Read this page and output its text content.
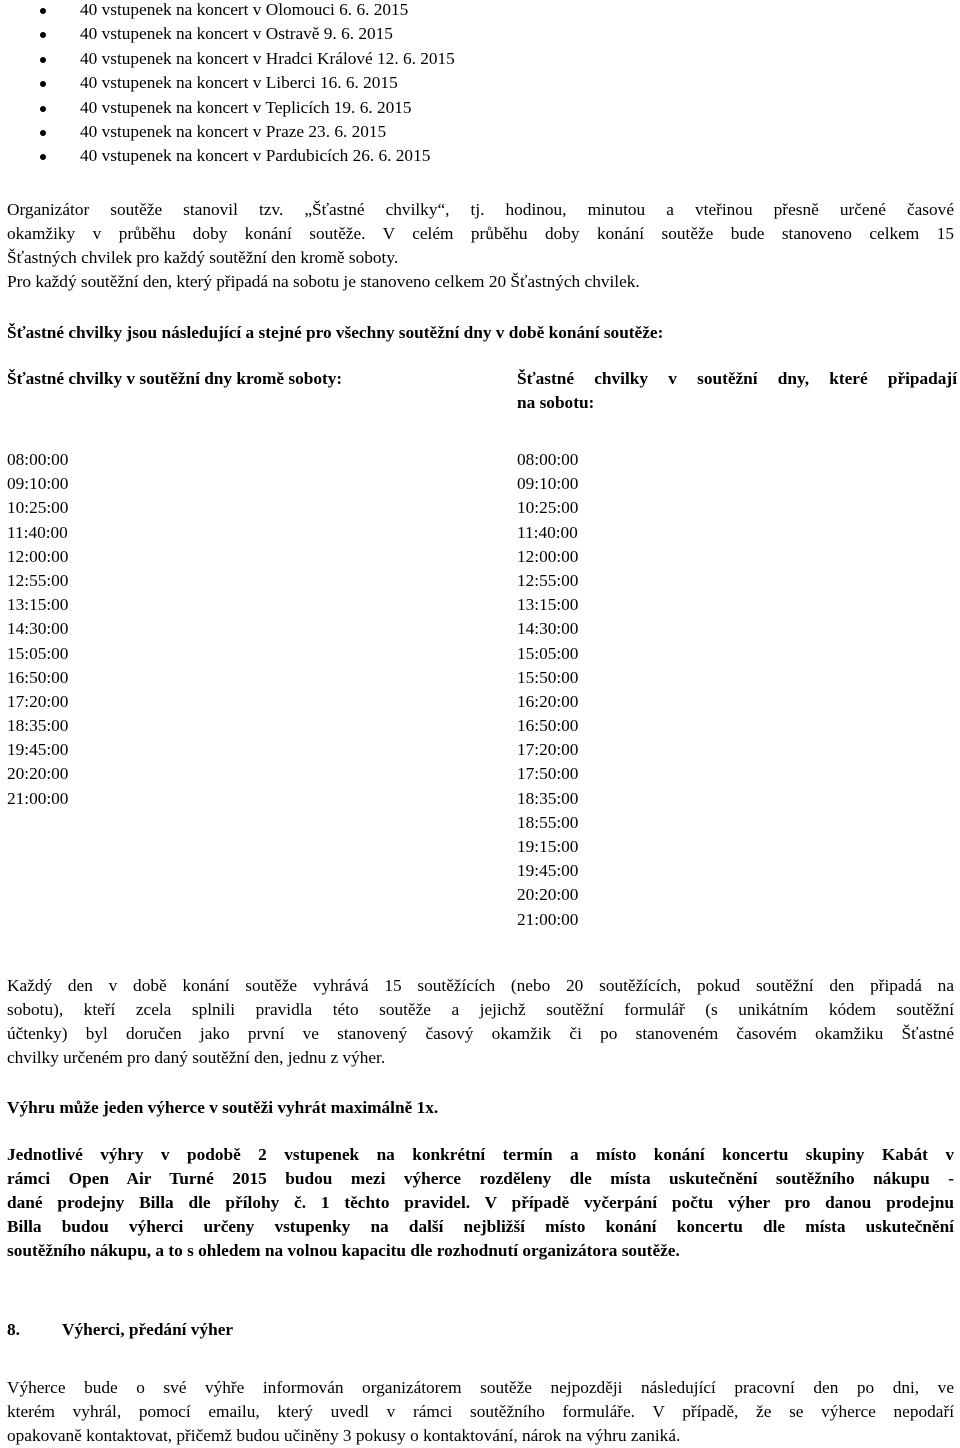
40 vstupenek na koncert v Olomouci 6. 6. 2015
40 vstupenek na koncert v Ostravě 9. 6. 2015
40 vstupenek na koncert v Hradci Králové 12. 6. 2015
40 vstupenek na koncert v Liberci 16. 6. 2015
40 vstupenek na koncert v Teplicích 19. 6. 2015
40 vstupenek na koncert v Praze 23. 6. 2015
40 vstupenek na koncert v Pardubicích 26. 6. 2015
Organizátor soutěže stanovil tzv. „Šťastné chvilky“, tj. hodinou, minutou a vteřinou přesně určené časové
okamžiky v průběhu doby konání soutěže. V celém průběhu doby konání soutěže bude stanoveno celkem 15
Šťastných chvilek pro každý soutěžní den kromě soboty.
Pro každý soutěžní den, který připadá na sobotu je stanoveno celkem 20 Šťastných chvilek.
Šťastné chvilky jsou následující a stejné pro všechny soutěžní dny v době konání soutěže:
Šťastné chvilky v soutěžní dny kromě soboty:	Šťastné chvilky v soutěžní dny, které připadají
na sobotu:
08:00:00
09:10:00
10:25:00
11:40:00
12:00:00
12:55:00
13:15:00
14:30:00
15:05:00
16:50:00
17:20:00
18:35:00
19:45:00
20:20:00
21:00:00
08:00:00
09:10:00
10:25:00
11:40:00
12:00:00
12:55:00
13:15:00
14:30:00
15:05:00
15:50:00
16:20:00
16:50:00
17:20:00
17:50:00
18:35:00
18:55:00
19:15:00
19:45:00
20:20:00
21:00:00
Každý den v době konání soutěže vyhrává 15 soutěžících (nebo 20 soutěžících, pokud soutěžní den připadá na
sobotu), kteří zcela splnili pravidla této soutěže a jejichž soutěžní formulář (s unikátním kódem soutěžní
účtenky) byl doručen jako první ve stanovený časový okamžik či po stanoveném časovém okamžiku Šťastné
chvilky určeném pro daný soutěžní den, jednu z výher.
Výhru může jeden výherce v soutěži vyhrát maximálně 1x.
Jednotlivé výhry v podobě 2 vstupenek na konkrétní termín a místo konání koncertu skupiny Kabát v
rámci Open Air Turné 2015 budou mezi výherce rozděleny dle místa uskutečnění soutěžního nákupu -
dané prodejny Billa dle přílohy č. 1 těchto pravidel. V případě vyčerpání počtu výher pro danou prodejnu
Billa budou výherci určeny vstupenky na další nejbližší místo konání koncertu dle místa uskutečnění
soutěžního nákupu, a to s ohledem na volnou kapacitu dle rozhodnutí organizátora soutěže.
8. Výherci, předání výher
Výherce bude o své výhře informován organizátorem soutěže nejpozději následující pracovní den po dni, ve
kterém vyhrál, pomocí emailu, který uvedl v rámci soutěžního formuláře. V případě, že se výherce nepodaří
opakovaně kontaktovat, přičemž budou učiněny 3 pokusy o kontaktování, nárok na výhru zaniká.
